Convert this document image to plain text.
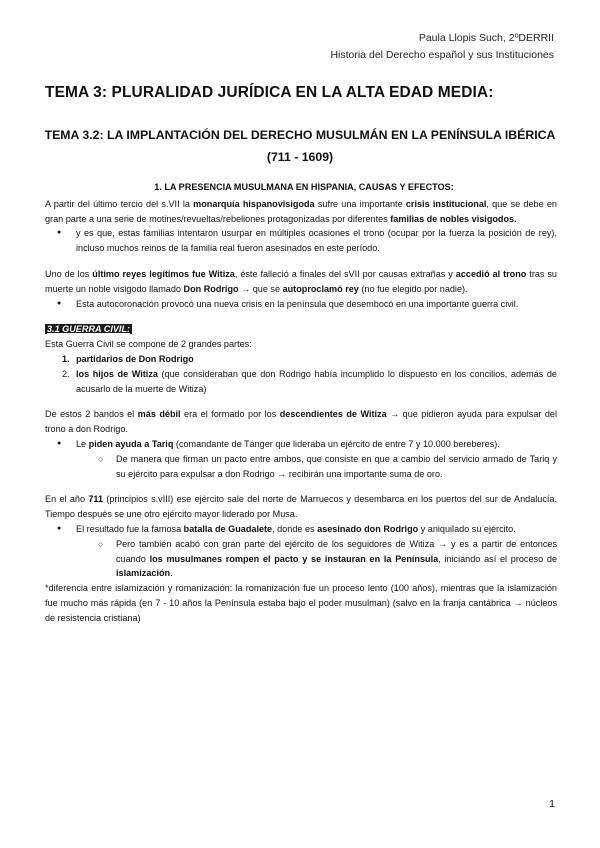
Paula Llopis Such, 2ºDERRII
Historia del Derecho español y sus Instituciones
TEMA 3: PLURALIDAD JURÍDICA EN LA ALTA EDAD MEDIA:
TEMA 3.2: LA IMPLANTACIÓN DEL DERECHO MUSULMÁN EN LA PENÍNSULA IBÉRICA
(711 - 1609)
1. LA PRESENCIA MUSULMANA EN HISPANIA, CAUSAS Y EFECTOS:

A partir del último tercio del s.VII la monarquía hispanovisigoda sufre una importante crisis institucional, que se debe en gran parte a una serie de motines/revueltas/rebeliones protagonizadas por diferentes familias de nobles visigodos.

● y es que, estas familias intentaron usurpar en múltiples ocasiones el trono (ocupar por la fuerza la posición de rey), incluso muchos reinos de la familia real fueron asesinados en este período.

Uno de los último reyes legítimos fue Witiza, éste falleció a finales del sVII por causas extrañas y accedió al trono tras su muerte un noble visigodo llamado Don Rodrigo → que se autoproclamó rey (no fue elegido por nadie).

● Esta autocoronación provocó una nueva crisis en la península que desembocó en una importante guerra civil.

3.1 GUERRA CIVIL:

Esta Guerra Civil se compone de 2 grandes partes:

1. partidarios de Don Rodrigo
2. los hijos de Witiza (que consideraban que don Rodrigo había incumplido lo dispuesto en los concilios, además de acusarlo de la muerte de Witiza)

De estos 2 bandos el más débil era el formado por los descendientes de Witiza → que pidieron ayuda para expulsar del trono a don Rodrigo.

● Le piden ayuda a Tariq (comandante de Tánger que lideraba un ejército de entre 7 y 10.000 bereberes).
○ De manera que firman un pacto entre ambos, que consiste en que a cambio del servicio armado de Tariq y su ejército para expulsar a don Rodrigo → recibirán una importante suma de oro.

En el año 711 (principios s.vIII) ese ejército sale del norte de Marruecos y desembarca en los puertos del sur de Andalucía. Tiempo después se une otro ejército mayor liderado por Musa.

● El resultado fue la famosa batalla de Guadalete, donde es asesinado don Rodrigo y aniquilado su ejército.
○ Pero también acabó con gran parte del ejército de los seguidores de Witiza → y es a partir de entonces cuando los musulmanes rompen el pacto y se instauran en la Península, iniciando así el proceso de islamización.

*diferencia entre islamización y romanización: la romanización fue un proceso lento (100 años), mientras que la islamización fue mucho más rápida (en 7 - 10 años la Península estaba bajo el poder musulman) (salvo en la franja cantábrica → núcleos de resistencia cristiana)

1
